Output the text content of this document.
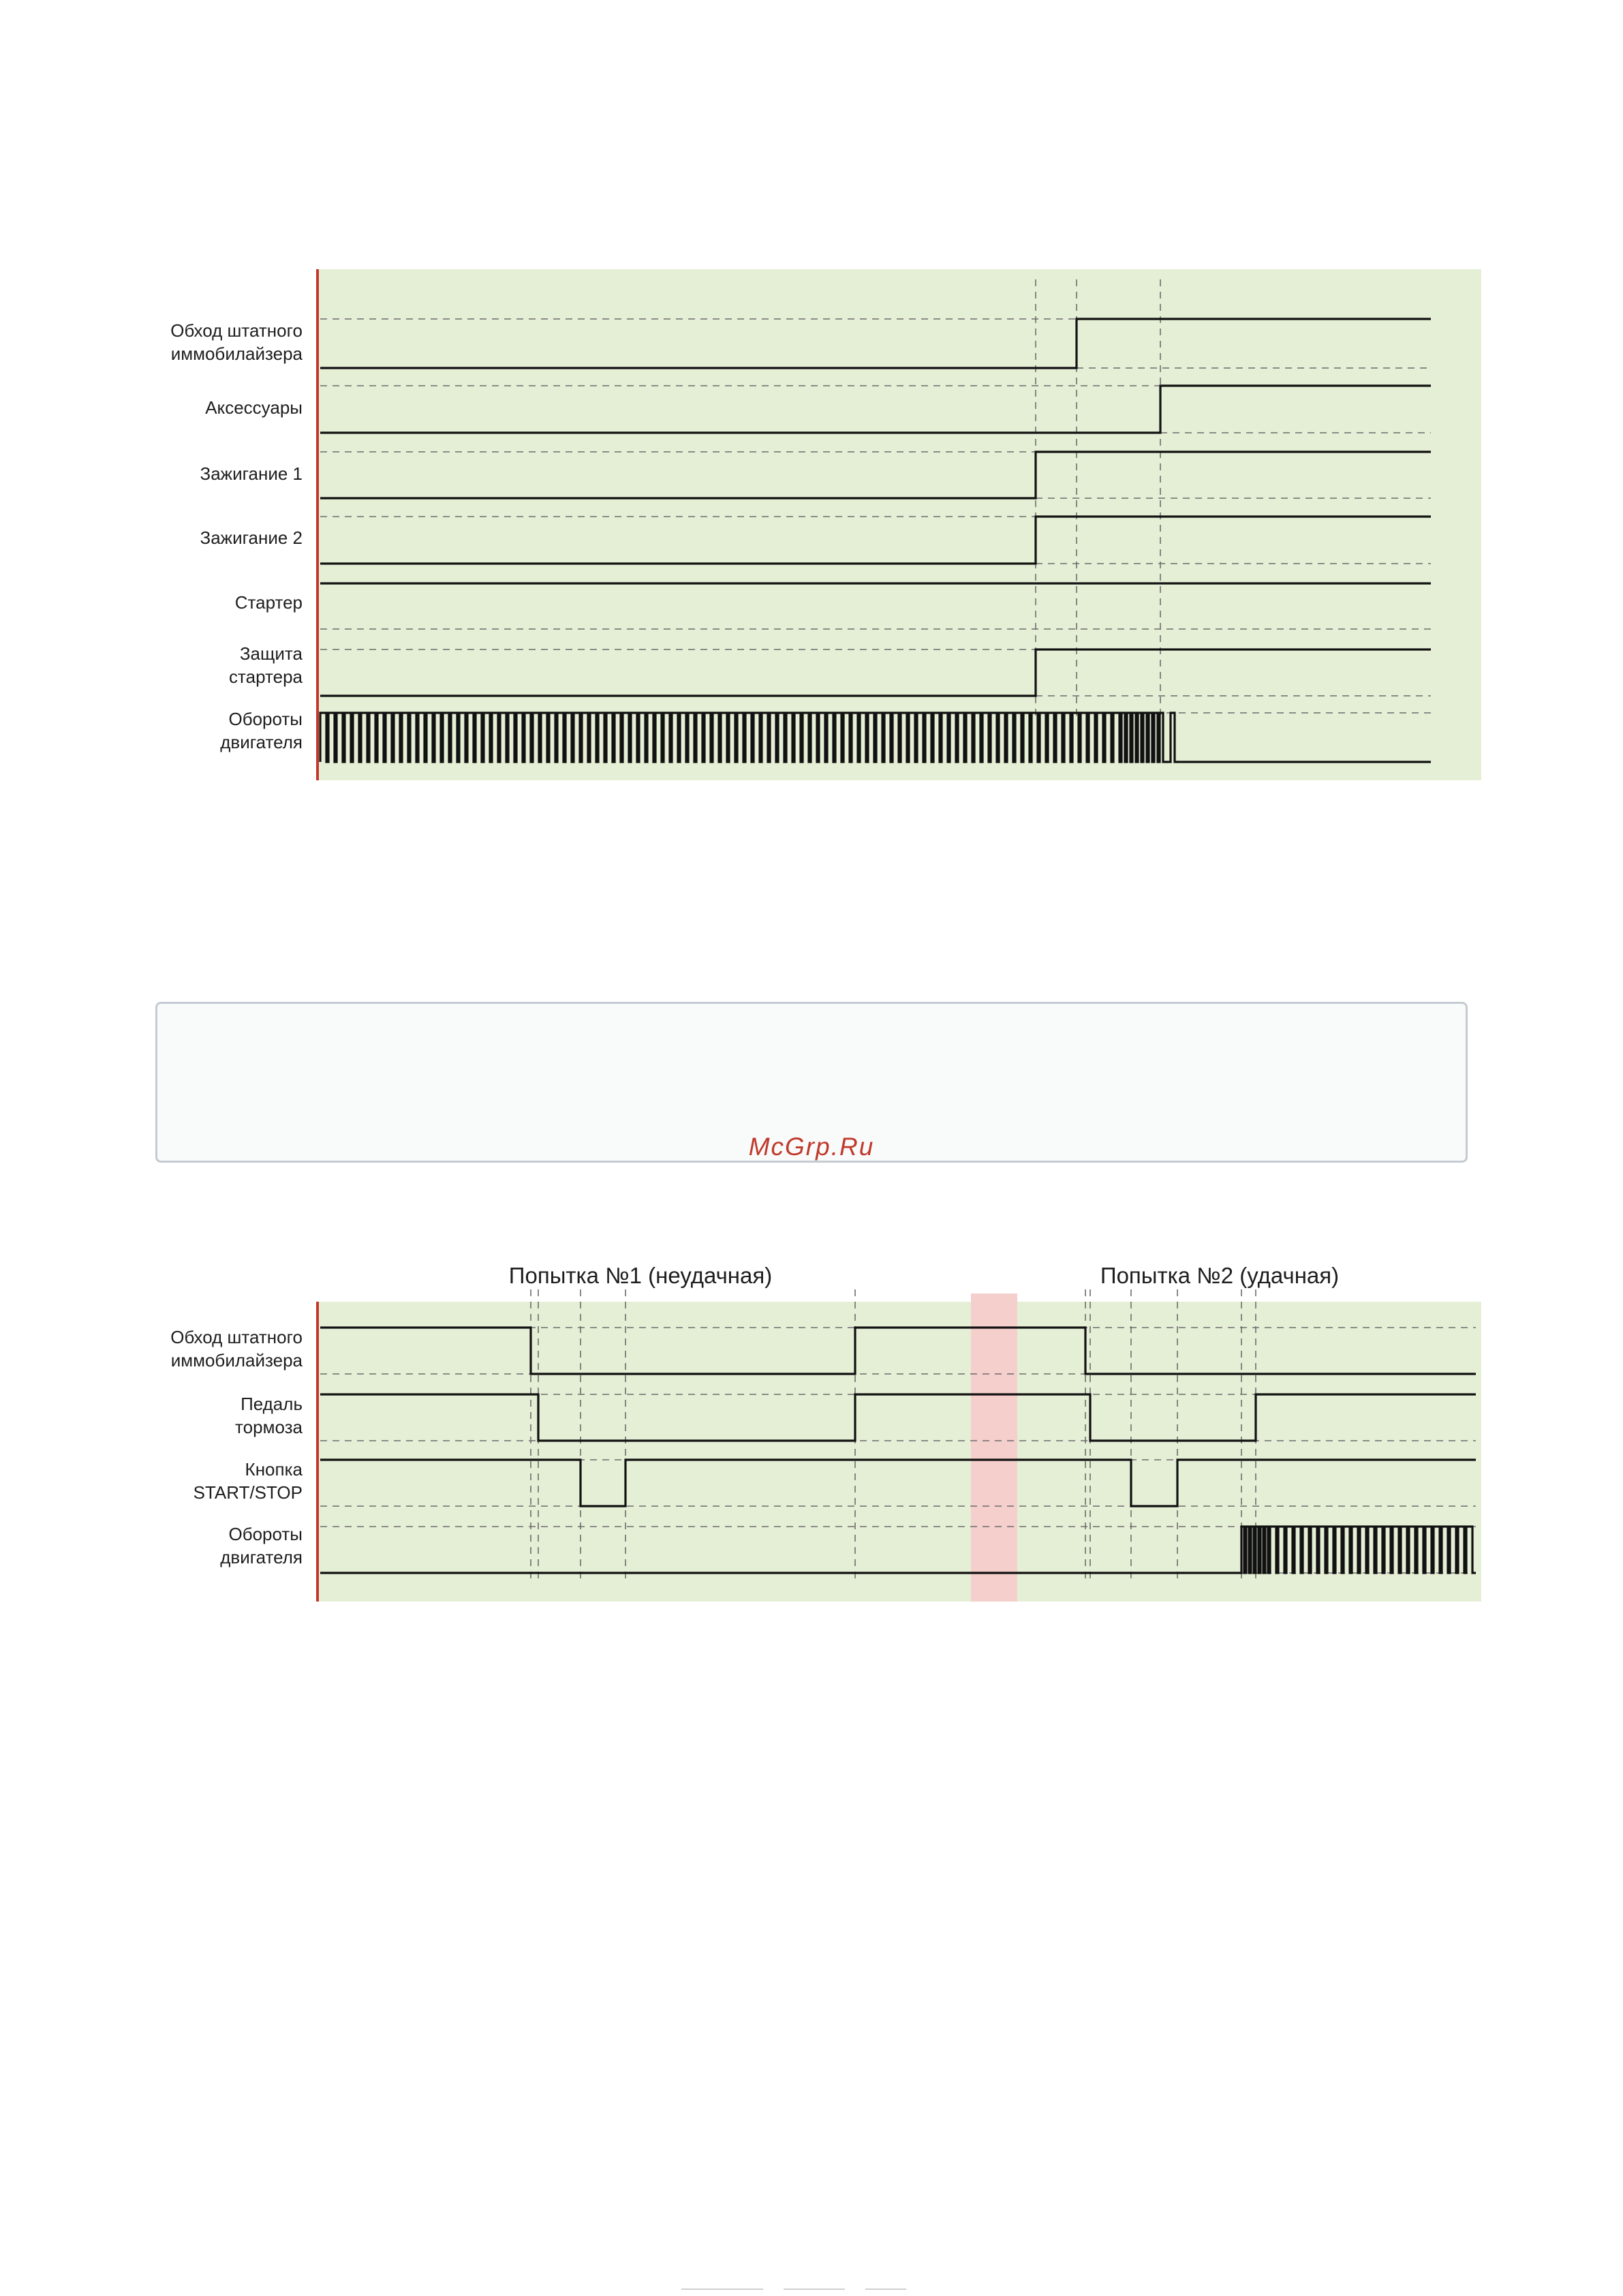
Обход штатного
иммобилайзера
Аксессуары
Зажигание 1
Зажигание 2
Стартер
Защита
стартера
Обороты
двигателя
McGrp.Ru
Попытка №1 (неудачная)	Попытка №2 (удачная)
Обход штатного
иммобилайзера
Педаль
тормоза
Кнопка
START/STOP
Обороты
двигателя
